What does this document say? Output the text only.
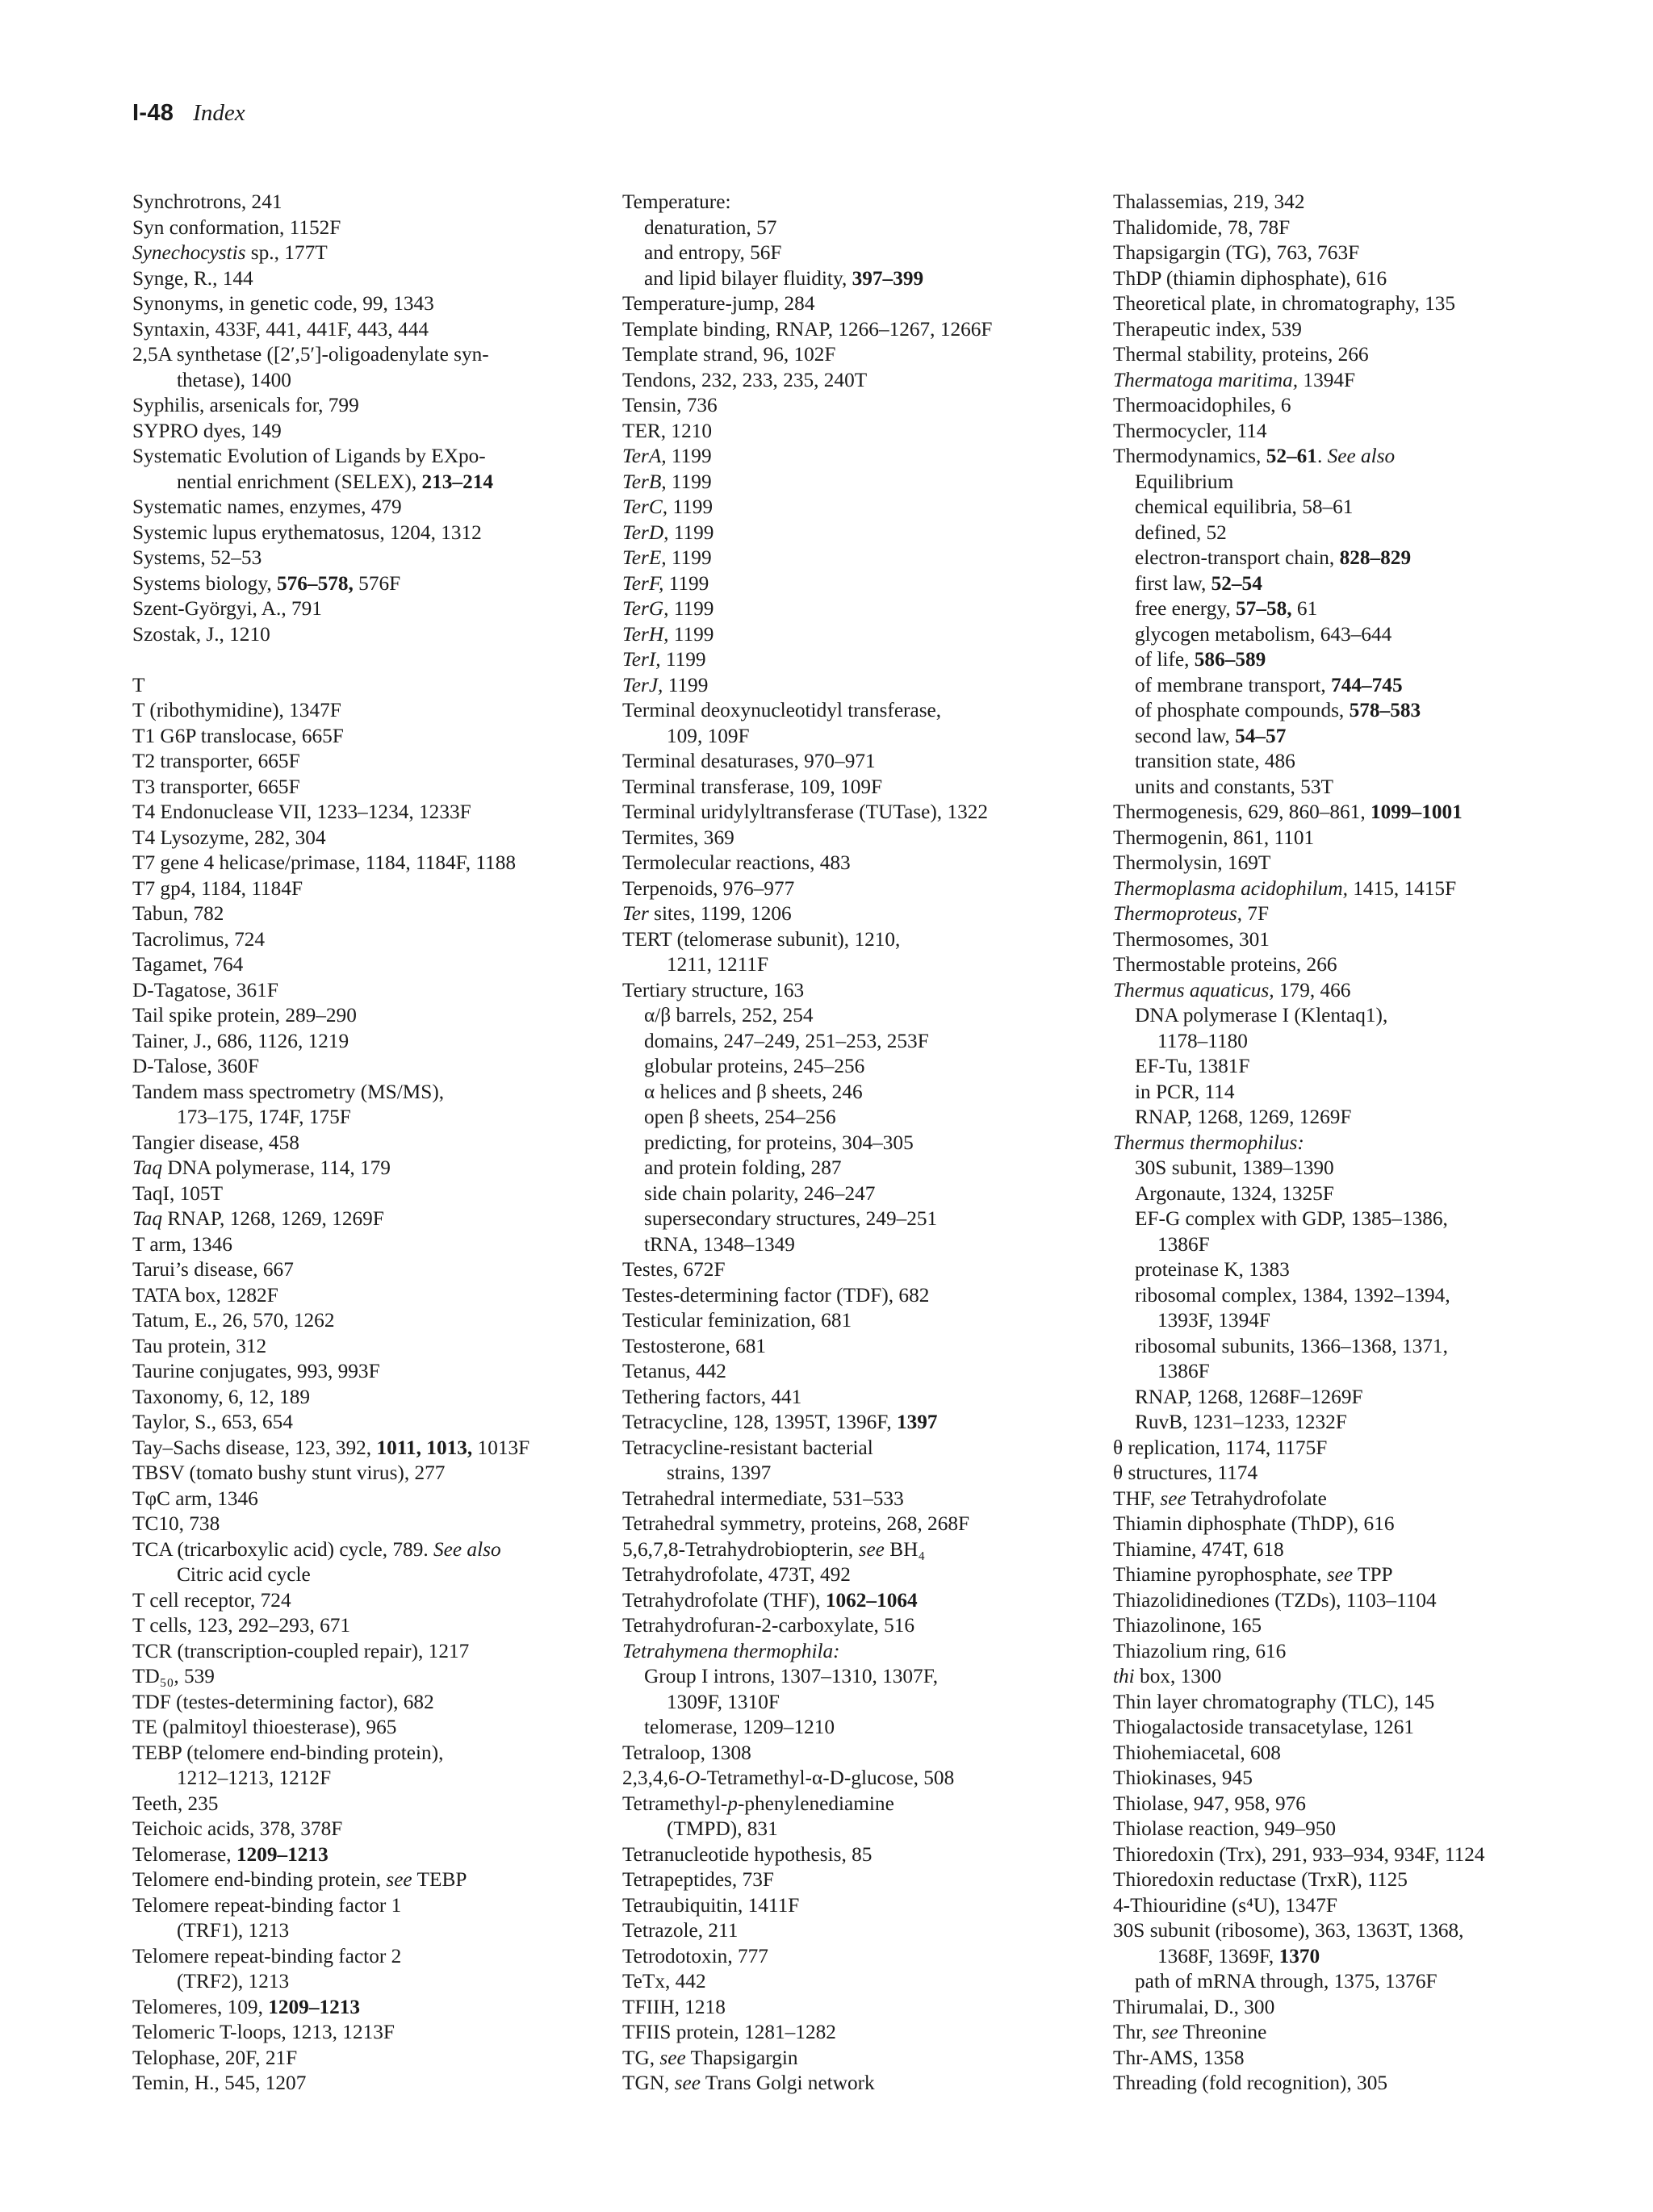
I-48 Index
Synchrotrons, 241
Syn conformation, 1152F
Synechocystis sp., 177T
Synge, R., 144
Synonyms, in genetic code, 99, 1343
Syntaxin, 433F, 441, 441F, 443, 444
2,5A synthetase ([2′,5′]-oligoadenylate syn-
thetase), 1400
Syphilis, arsenicals for, 799
SYPRO dyes, 149
Systematic Evolution of Ligands by EXpo-
nential enrichment (SELEX), 213–214
Systematic names, enzymes, 479
Systemic lupus erythematosus, 1204, 1312
Systems, 52–53
Systems biology, 576–578, 576F
Szent-Györgyi, A., 791
Szostak, J., 1210
T
T (ribothymidine), 1347F
T1 G6P translocase, 665F
T2 transporter, 665F
T3 transporter, 665F
T4 Endonuclease VII, 1233–1234, 1233F
T4 Lysozyme, 282, 304
T7 gene 4 helicase/primase, 1184, 1184F, 1188
T7 gp4, 1184, 1184F
Tabun, 782
Tacrolimus, 724
Tagamet, 764
D-Tagatose, 361F
Tail spike protein, 289–290
Tainer, J., 686, 1126, 1219
D-Talose, 360F
Tandem mass spectrometry (MS/MS),
173–175, 174F, 175F
Tangier disease, 458
Taq DNA polymerase, 114, 179
TaqI, 105T
Taq RNAP, 1268, 1269, 1269F
T arm, 1346
Tarui’s disease, 667
TATA box, 1282F
Tatum, E., 26, 570, 1262
Tau protein, 312
Taurine conjugates, 993, 993F
Taxonomy, 6, 12, 189
Taylor, S., 653, 654
Tay–Sachs disease, 123, 392, 1011, 1013, 1013F
TBSV (tomato bushy stunt virus), 277
TφC arm, 1346
TC10, 738
TCA (tricarboxylic acid) cycle, 789. See also
Citric acid cycle
T cell receptor, 724
T cells, 123, 292–293, 671
TCR (transcription-coupled repair), 1217
TD₅₀, 539
TDF (testes-determining factor), 682
TE (palmitoyl thioesterase), 965
TEBP (telomere end-binding protein),
1212–1213, 1212F
Teeth, 235
Teichoic acids, 378, 378F
Telomerase, 1209–1213
Telomere end-binding protein, see TEBP
Telomere repeat-binding factor 1
(TRF1), 1213
Telomere repeat-binding factor 2
(TRF2), 1213
Telomeres, 109, 1209–1213
Telomeric T-loops, 1213, 1213F
Telophase, 20F, 21F
Temin, H., 545, 1207
Temperature:
denaturation, 57
and entropy, 56F
and lipid bilayer fluidity, 397–399
Temperature-jump, 284
Template binding, RNAP, 1266–1267, 1266F
Template strand, 96, 102F
Tendons, 232, 233, 235, 240T
Tensin, 736
TER, 1210
TerA, 1199
TerB, 1199
TerC, 1199
TerD, 1199
TerE, 1199
TerF, 1199
TerG, 1199
TerH, 1199
TerI, 1199
TerJ, 1199
Terminal deoxynucleotidyl transferase,
109, 109F
Terminal desaturases, 970–971
Terminal transferase, 109, 109F
Terminal uridylyltransferase (TUTase), 1322
Termites, 369
Termolecular reactions, 483
Terpenoids, 976–977
Ter sites, 1199, 1206
TERT (telomerase subunit), 1210,
1211, 1211F
Tertiary structure, 163
α/β barrels, 252, 254
domains, 247–249, 251–253, 253F
globular proteins, 245–256
α helices and β sheets, 246
open β sheets, 254–256
predicting, for proteins, 304–305
and protein folding, 287
side chain polarity, 246–247
supersecondary structures, 249–251
tRNA, 1348–1349
Testes, 672F
Testes-determining factor (TDF), 682
Testicular feminization, 681
Testosterone, 681
Tetanus, 442
Tethering factors, 441
Tetracycline, 128, 1395T, 1396F, 1397
Tetracycline-resistant bacterial
strains, 1397
Tetrahedral intermediate, 531–533
Tetrahedral symmetry, proteins, 268, 268F
5,6,7,8-Tetrahydrobiopterin, see BH₄
Tetrahydrofolate, 473T, 492
Tetrahydrofolate (THF), 1062–1064
Tetrahydrofuran-2-carboxylate, 516
Tetrahymena thermophila:
Group I introns, 1307–1310, 1307F,
1309F, 1310F
telomerase, 1209–1210
Tetraloop, 1308
2,3,4,6-O-Tetramethyl-α-D-glucose, 508
Tetramethyl-p-phenylenediamine
(TMPD), 831
Tetranucleotide hypothesis, 85
Tetrapeptides, 73F
Tetraubiquitin, 1411F
Tetrazole, 211
Tetrodotoxin, 777
TeTx, 442
TFIIH, 1218
TFIIS protein, 1281–1282
TG, see Thapsigargin
TGN, see Trans Golgi network
Thalassemias, 219, 342
Thalidomide, 78, 78F
Thapsigargin (TG), 763, 763F
ThDP (thiamin diphosphate), 616
Theoretical plate, in chromatography, 135
Therapeutic index, 539
Thermal stability, proteins, 266
Thermatoga maritima, 1394F
Thermoacidophiles, 6
Thermocycler, 114
Thermodynamics, 52–61. See also
Equilibrium
chemical equilibria, 58–61
defined, 52
electron-transport chain, 828–829
first law, 52–54
free energy, 57–58, 61
glycogen metabolism, 643–644
of life, 586–589
of membrane transport, 744–745
of phosphate compounds, 578–583
second law, 54–57
transition state, 486
units and constants, 53T
Thermogenesis, 629, 860–861, 1099–1001
Thermogenin, 861, 1101
Thermolysin, 169T
Thermoplasma acidophilum, 1415, 1415F
Thermoproteus, 7F
Thermosomes, 301
Thermostable proteins, 266
Thermus aquaticus, 179, 466
DNA polymerase I (Klentaq1),
1178–1180
EF-Tu, 1381F
in PCR, 114
RNAP, 1268, 1269, 1269F
Thermus thermophilus:
30S subunit, 1389–1390
Argonaute, 1324, 1325F
EF-G complex with GDP, 1385–1386,
1386F
proteinase K, 1383
ribosomal complex, 1384, 1392–1394,
1393F, 1394F
ribosomal subunits, 1366–1368, 1371,
1386F
RNAP, 1268, 1268F–1269F
RuvB, 1231–1233, 1232F
θ replication, 1174, 1175F
θ structures, 1174
THF, see Tetrahydrofolate
Thiamin diphosphate (ThDP), 616
Thiamine, 474T, 618
Thiamine pyrophosphate, see TPP
Thiazolidinediones (TZDs), 1103–1104
Thiazolinone, 165
Thiazolium ring, 616
thi box, 1300
Thin layer chromatography (TLC), 145
Thiogalactoside transacetylase, 1261
Thiohemiacetal, 608
Thiokinases, 945
Thiolase, 947, 958, 976
Thiolase reaction, 949–950
Thioredoxin (Trx), 291, 933–934, 934F, 1124
Thioredoxin reductase (TrxR), 1125
4-Thiouridine (s⁴U), 1347F
30S subunit (ribosome), 363, 1363T, 1368,
1368F, 1369F, 1370
path of mRNA through, 1375, 1376F
Thirumalai, D., 300
Thr, see Threonine
Thr-AMS, 1358
Threading (fold recognition), 305
